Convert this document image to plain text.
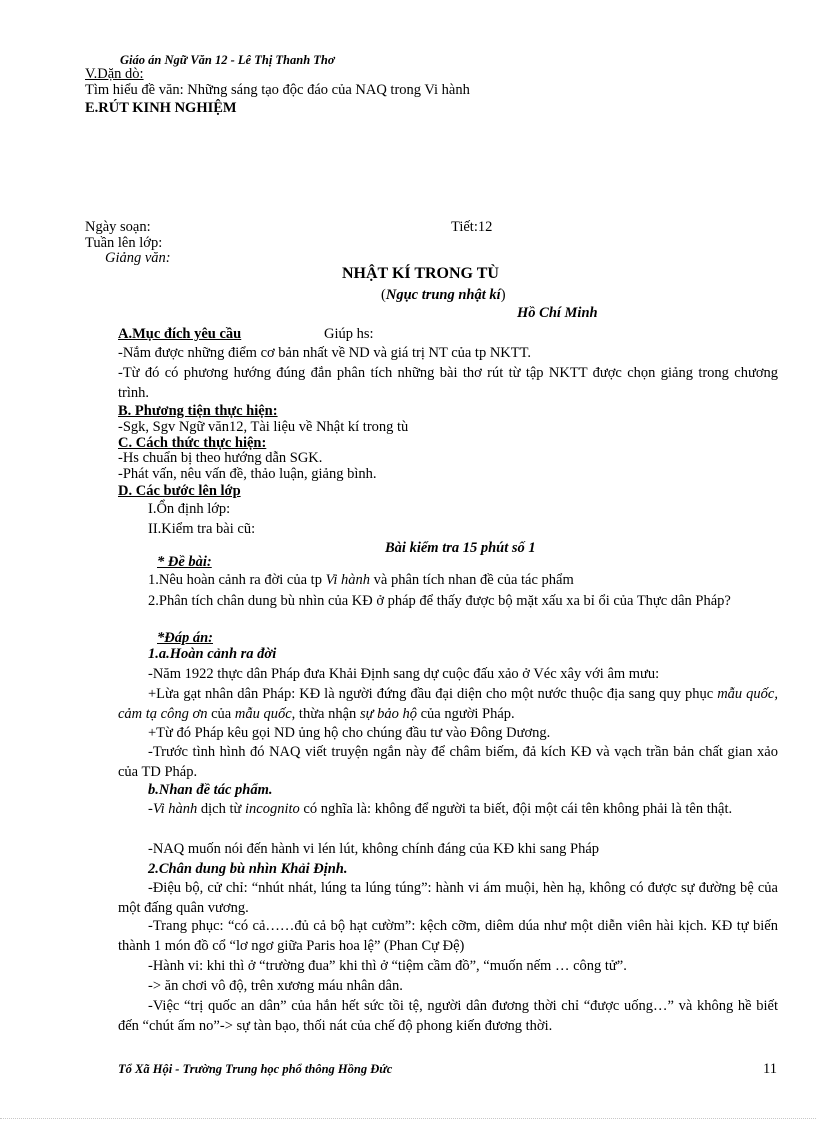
Giáo án Ngữ Văn 12 - Lê Thị Thanh Thơ
V.Dặn dò:
Tìm hiểu đề văn: Những sáng tạo độc đáo của NAQ trong Vi hành
E.RÚT KINH NGHIỆM
Ngày soạn:	Tiết:12
Tuần lên lớp:
Giảng văn:
NHẬT KÍ TRONG TÙ
(Ngục trung nhật kí)
Hồ Chí Minh
A.Mục đích yêu cầu	Giúp hs:
-Nắm được những điểm cơ bản nhất về ND và giá trị NT của tp NKTT.
-Từ đó có phương hướng đúng đắn phân tích những bài thơ rút từ tập NKTT được chọn giảng trong chương trình.
B. Phương tiện thực hiện:
-Sgk, Sgv Ngữ văn12, Tài liệu về Nhật kí trong tù
C. Cách thức thực hiện:
-Hs chuẩn bị theo hướng dẫn SGK.
-Phát vấn, nêu vấn đề, thảo luận, giảng bình.
D. Các bước lên lớp
I.Ổn định lớp:
II.Kiểm tra bài cũ:
Bài kiểm tra 15 phút số 1
* Đề bài:
1.Nêu hoàn cảnh ra đời của tp Vi hành và phân tích nhan đề của tác phẩm
2.Phân tích chân dung bù nhìn của KĐ ở pháp để thấy được bộ mặt xấu xa bỉ ổi của Thực dân Pháp?
*Đáp án:
1.a.Hoàn cảnh ra đời
-Năm 1922 thực dân Pháp đưa Khải Định sang dự cuộc đấu xảo ở Véc xây với âm mưu:
+Lừa gạt nhân dân Pháp: KĐ là người đứng đầu đại diện cho một nước thuộc địa sang quy phục mẫu quốc, cảm tạ công ơn của mẫu quốc, thừa nhận sự bảo hộ của người Pháp.
+Từ đó Pháp kêu gọi ND ủng hộ cho chúng đầu tư vào Đông Dương.
-Trước tình hình đó NAQ viết truyện ngắn này để châm biếm, đả kích KĐ và vạch trần bản chất gian xảo của TD Pháp.
b.Nhan đề tác phẩm.
-Vi hành dịch từ incognito có nghĩa là: không để người ta biết, đội một cái tên không phải là tên thật.
-NAQ muốn nói đến hành vi lén lút, không chính đáng của KĐ khi sang Pháp
2.Chân dung bù nhìn Khải Định.
-Điệu bộ, cử chỉ: “nhút nhát, lúng ta lúng túng”: hành vi ám muội, hèn hạ, không có được sự đường bệ của một đấng quân vương.
-Trang phục: “có cả……đủ cả bộ hạt cườm”: kệch cỡm, diêm dúa như một diễn viên hài kịch. KĐ tự biến thành 1 món đồ cổ “lơ ngơ giữa Paris hoa lệ” (Phan Cự Đệ)
-Hành vi: khi thì ở “trường đua” khi thì ở “tiệm cầm đồ”, “muốn nếm … công tử”.
-> ăn chơi vô độ, trên xương máu nhân dân.
-Việc “trị quốc an dân” của hắn hết sức tồi tệ, người dân đương thời chỉ “được uống…” và không hề biết đến “chút ấm no”-> sự tàn bạo, thối nát của chế độ phong kiến đương thời.
Tổ Xã Hội - Trường Trung học phổ thông Hồng Đức	11
